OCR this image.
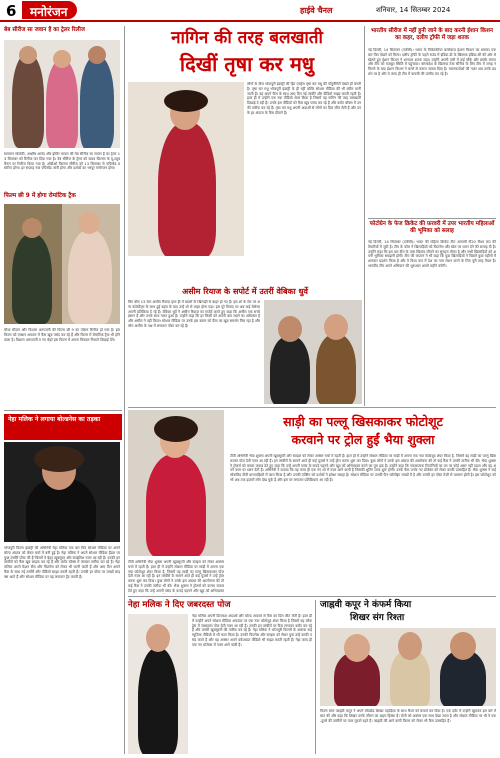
6	मनोरंजन	हाईवे चैनल	शनिवार, 14 सितम्बर 2024
बेब सीरीज सा जवान है का ट्रेलर रिलीज
सलमान सोलंकी, आशीष आनंद और इम्तिर चावल की वेब सीरीज सा जवान है का ट्रेलर 13 सितम्बर को रिलीज कर दिया गया है। वेब सीरीज के ट्रेलर को यादव फिल्म्स के यू-ट्यूब चैनल पर रिलीज किया गया है। ओडीओ फिल्म्स सीरीज को 13 सितम्बर से एपिसोड प्रसारित होगा। हर सप्ताह नया एपिसोड जारी होगा और दर्शकों का भरपूर मनोरंजन होगा।
फिल्म छी 9 में होगा रोमांटिक ट्रैक
चौथा सीज़न और विशाल अरुप्तानी की फिल्म छी 9 का पोस्टर रिलीज हो गया है। इस फिल्म को एक्शन अवतार में फैंस खूब पसंद कर रहे हैं और फिल्म में रोमांटिक ट्रैक भी होने वाला है। विशाल अरुप्तानी व नए चेहरे इस फिल्म में अपना किरदार निभाते दिखाई देंगे।
नेहा मलिक ने लगाया बोल्डनेस का तड़का
भोजपुरी फिल्म इंडस्ट्री की अभिनेत्री नेहा मलिक एक बार फिर सोशल मीडिया पर अपने बोल्ड अंदाज को लेकर चर्चा में बनी हुई हैं। नेहा मलिक ने अपने सोशल मीडिया हैंडल पर कुछ तस्वीरें पोस्ट की हैं जिसमें वे बेहद खूबसूरत और स्टाइलिश नजर आ रही हैं। उनकी इन तस्वीरों को फैंस खूब लाइक कर रहे हैं और कमेंट बॉक्स में जमकर तारीफ कर रहे हैं। नेहा मलिक अपने फैशन सेंस और फिटनेस को लेकर भी जानी जाती हैं और आए दिन अपने फैंस के साथ नई तस्वीरें और वीडियो साझा करती रहती हैं। उनकी हर पोस्ट पर लाखों लाइक्स आते हैं और सोशल मीडिया पर वह लगातार ट्रेंड करती हैं।
नागिन की तरह बलखाती
दिखीं तृषा कर मधु
लोगों के बीच भोजपुरी इंडस्ट्री की हिट एक्ट्रेस तृषा कर मधु की पॉपुलैरिटी देखते ही बनती है। तृषा कर मधु भोजपुरी इंडस्ट्री के ही नहीं बल्कि सोशल मीडिया की भी क्वीन मानी जाती हैं। वह अपने फैंस के साथ आए दिन नई तस्वीरें और वीडियो साझा करती रहती हैं। हाल ही में उन्होंने एक नया वीडियो शेयर किया है जिसमें वह नागिन की तरह बलखाती दिखाई दे रही हैं। उनके इस वीडियो को फैंस खूब पसंद कर रहे हैं और कमेंट बॉक्स में उनकी तारीफ कर रहे हैं। तृषा कर मधु अपनी अदाओं से लोगों का दिल जीत लेती हैं और उनके हर अंदाज के फैंस दीवाने हैं।
असीम रियाज के सपोर्ट में उतरीं वेबिका धुर्वे
बिग बॉस 13 फेम असीम रियाज़ हाल ही में खतरों के खिलाड़ी से बाहर हो गए हैं। इस शो के सेट पर अन्य कंटेस्टेंट्स के साथ हुई बहस के बाद उन्हें शो से बाहर होना पड़ा। इस पूरे विवाद पर अब कई सेलेब्स अपनी प्रतिक्रिया दे रहे हैं। वेबिका धुर्वे ने असीम रियाज़ का सपोर्ट करते हुए कहा कि असीम एक सच्चे इंसान हैं और उनके साथ गलत हुआ है। उन्होंने कहा कि हर किसी को अपनी बात रखने का अधिकार है और असीम ने वही किया। सोशल मीडिया पर उनके इस बयान को फैंस का खूब समर्थन मिल रहा है और लोग असीम के पक्ष में लगातार पोस्ट कर रहे हैं।
भारतीय सीरीज में नहीं हुनी जाने के बाद करनी ईशान किशन का कहर, दलीप ट्रॉफी में जड़ा शतक
नई दिल्ली, 14 सितम्बर (एजेंसी)। भारत के विकेटकीपर बल्लेबाज़ ईशान किशन का धमाका एक बार फिर देखने को मिला। दलीप ट्रॉफी के पहले राउंड में इंडिया-डी के खिलाफ इंडिया-सी की ओर से खेलते हुए ईशान किशन ने शानदार शतक जड़ा। उन्होंने अपनी पारी में कई चौके और छक्के लगाए और टीम को मज़बूत स्थिति में पहुंचाया। बांग्लादेश के खिलाफ टेस्ट सीरीज के लिए टीम में जगह न मिलने के बाद ईशान किशन ने बल्ले से करारा जवाब दिया है। चयनकर्ताओं की नज़र अब उनके प्रदर्शन पर है और वे जल्द ही टीम में वापसी की उम्मीद कर रहे हैं।
फोटोग्रेन के फेज क्रिकेट की फ़रवरी में उपर भारतीय महिलाओं की भूमिका को सलाह
नई दिल्ली, 14 सितम्बर (एजेंसी)। भारत की महिला क्रिकेट टीम आगामी टी20 विश्व कप की तैयारियों में जुटी है। टीम के कोच ने खिलाड़ियों को फिटनेस और खेल पर ध्यान देने की सलाह दी है। उन्होंने कहा कि इस बार टीम के पास खिताब जीतने का सुनहरा मौका है और सभी खिलाड़ियों को अपनी भूमिका समझनी होगी। टीम की कप्तान ने भी कहा कि युवा खिलाड़ियों ने पिछले कुछ महीनों में शानदार प्रदर्शन किया है और वे विश्व कप में देश का नाम रोशन करने के लिए पूरी तरह तैयार हैं। भारतीय टीम अपने अभियान की शुरुआत अगले महीने करेगी।
साड़ी का पल्लू खिसकाकर फोटोशूट
करवाने पर ट्रोल हुईं भैया शुक्ला
टीवी अभिनेत्री भैया शुक्ला अपनी खूबसूरती और स्टाइल को लेकर अक्सर चर्चा में रहती हैं। हाल ही में उन्होंने सोशल मीडिया पर साड़ी में अपना एक नया फोटोशूट शेयर किया है, जिसमें वह साड़ी का पल्लू खिसकाकर पोज़ देती नज़र आ रही हैं। इन तस्वीरों के सामने आते ही कई यूज़र्स ने उन्हें ट्रोल करना शुरू कर दिया। कुछ लोगों ने उनके इस अंदाज़ की आलोचना की तो कई फैंस ने उनकी तारीफ भी की। भैया शुक्ला ने ट्रोलर्स को करारा जवाब देते हुए कहा कि उन्हें अपनी पसंद के कपड़े पहनने और खुद को अभिव्यक्त करने का पूरा हक़ है। उन्होंने कहा कि नकारात्मक टिप्पणियों का उन पर कोई असर नहीं पड़ता और वह अपने काम पर ध्यान देती हैं। अभिनेत्री ने बताया कि वह जल्द ही एक नए शो में नज़र आने वाली हैं जिसकी शूटिंग जल्द शुरू होगी। उनके फैंस उनके नए प्रोजेक्ट को लेकर काफी उत्साहित हैं। भैया शुक्ला ने कई लोकप्रिय टीवी धारावाहिकों में काम किया है और उनकी एक्टिंग को दर्शकों ने हमेशा सराहा है। सोशल मीडिया पर उनकी फैन फॉलोइंग लाखों में है और उनकी हर पोस्ट तेज़ी से वायरल होती है। इस फोटोशूट को भी अब तक हज़ारों लोग देख चुके हैं और इस पर लगातार प्रतिक्रियाएं आ रही हैं।
टीवी अभिनेत्री भैया शुक्ला अपनी खूबसूरती और स्टाइल को लेकर अक्सर चर्चा में रहती हैं। हाल ही में उन्होंने सोशल मीडिया पर साड़ी में अपना एक नया फोटोशूट शेयर किया है, जिसमें वह साड़ी का पल्लू खिसकाकर पोज़ देती नज़र आ रही हैं। इन तस्वीरों के सामने आते ही कई यूज़र्स ने उन्हें ट्रोल करना शुरू कर दिया। कुछ लोगों ने उनके इस अंदाज़ की आलोचना की तो कई फैंस ने उनकी तारीफ भी की। भैया शुक्ला ने ट्रोलर्स को करारा जवाब देते हुए कहा कि उन्हें अपनी पसंद के कपड़े पहनने और खुद को अभिव्यक्त
नेहा मलिक ने दिए जबरदस्त पोज
नेहा मलिक अपनी दिलकश अदाओं और बोल्ड अवतार से फैंस का दिल जीत लेती हैं। हाल ही में उन्होंने अपने सोशल मीडिया अकाउंट पर एक नया फोटोशूट शेयर किया है जिसमें वह ब्लैक ड्रेस में जबरदस्त पोज़ देती नज़र आ रही हैं। उनकी इन तस्वीरों पर फैंस लगातार कमेंट कर रहे हैं और उनकी खूबसूरती की तारीफ कर रहे हैं। नेहा मलिक ने भोजपुरी फिल्मों के अलावा कई म्यूज़िक वीडियो में भी काम किया है। उनकी फिटनेस और स्टाइल को लेकर युवा उन्हें काफी पसंद करते हैं और वह अक्सर अपने वर्कआउट वीडियो भी साझा करती रहती हैं। नेहा जल्द ही एक नए प्रोजेक्ट में नज़र आने वाली हैं।
जाह्नवी कपूर ने कंफर्म किया
शिखर संग रिश्ता
फिल्म स्टार जाह्नवी कपूर ने अपने बॉयफ्रेंड शिखर पहाड़िया के साथ रिश्ते को कंफर्म कर दिया है। एक इवेंट में उन्होंने खुलकर इस बारे में बात की और कहा कि शिखर उनके जीवन का अहम हिस्सा हैं। दोनों को अक्सर एक साथ देखा जाता है और सोशल मीडिया पर भी वे एक-दूसरे की तस्वीरों पर प्यार लुटाते रहते हैं। जाह्नवी की आने वाली फिल्म को लेकर भी फैंस उत्साहित हैं।
